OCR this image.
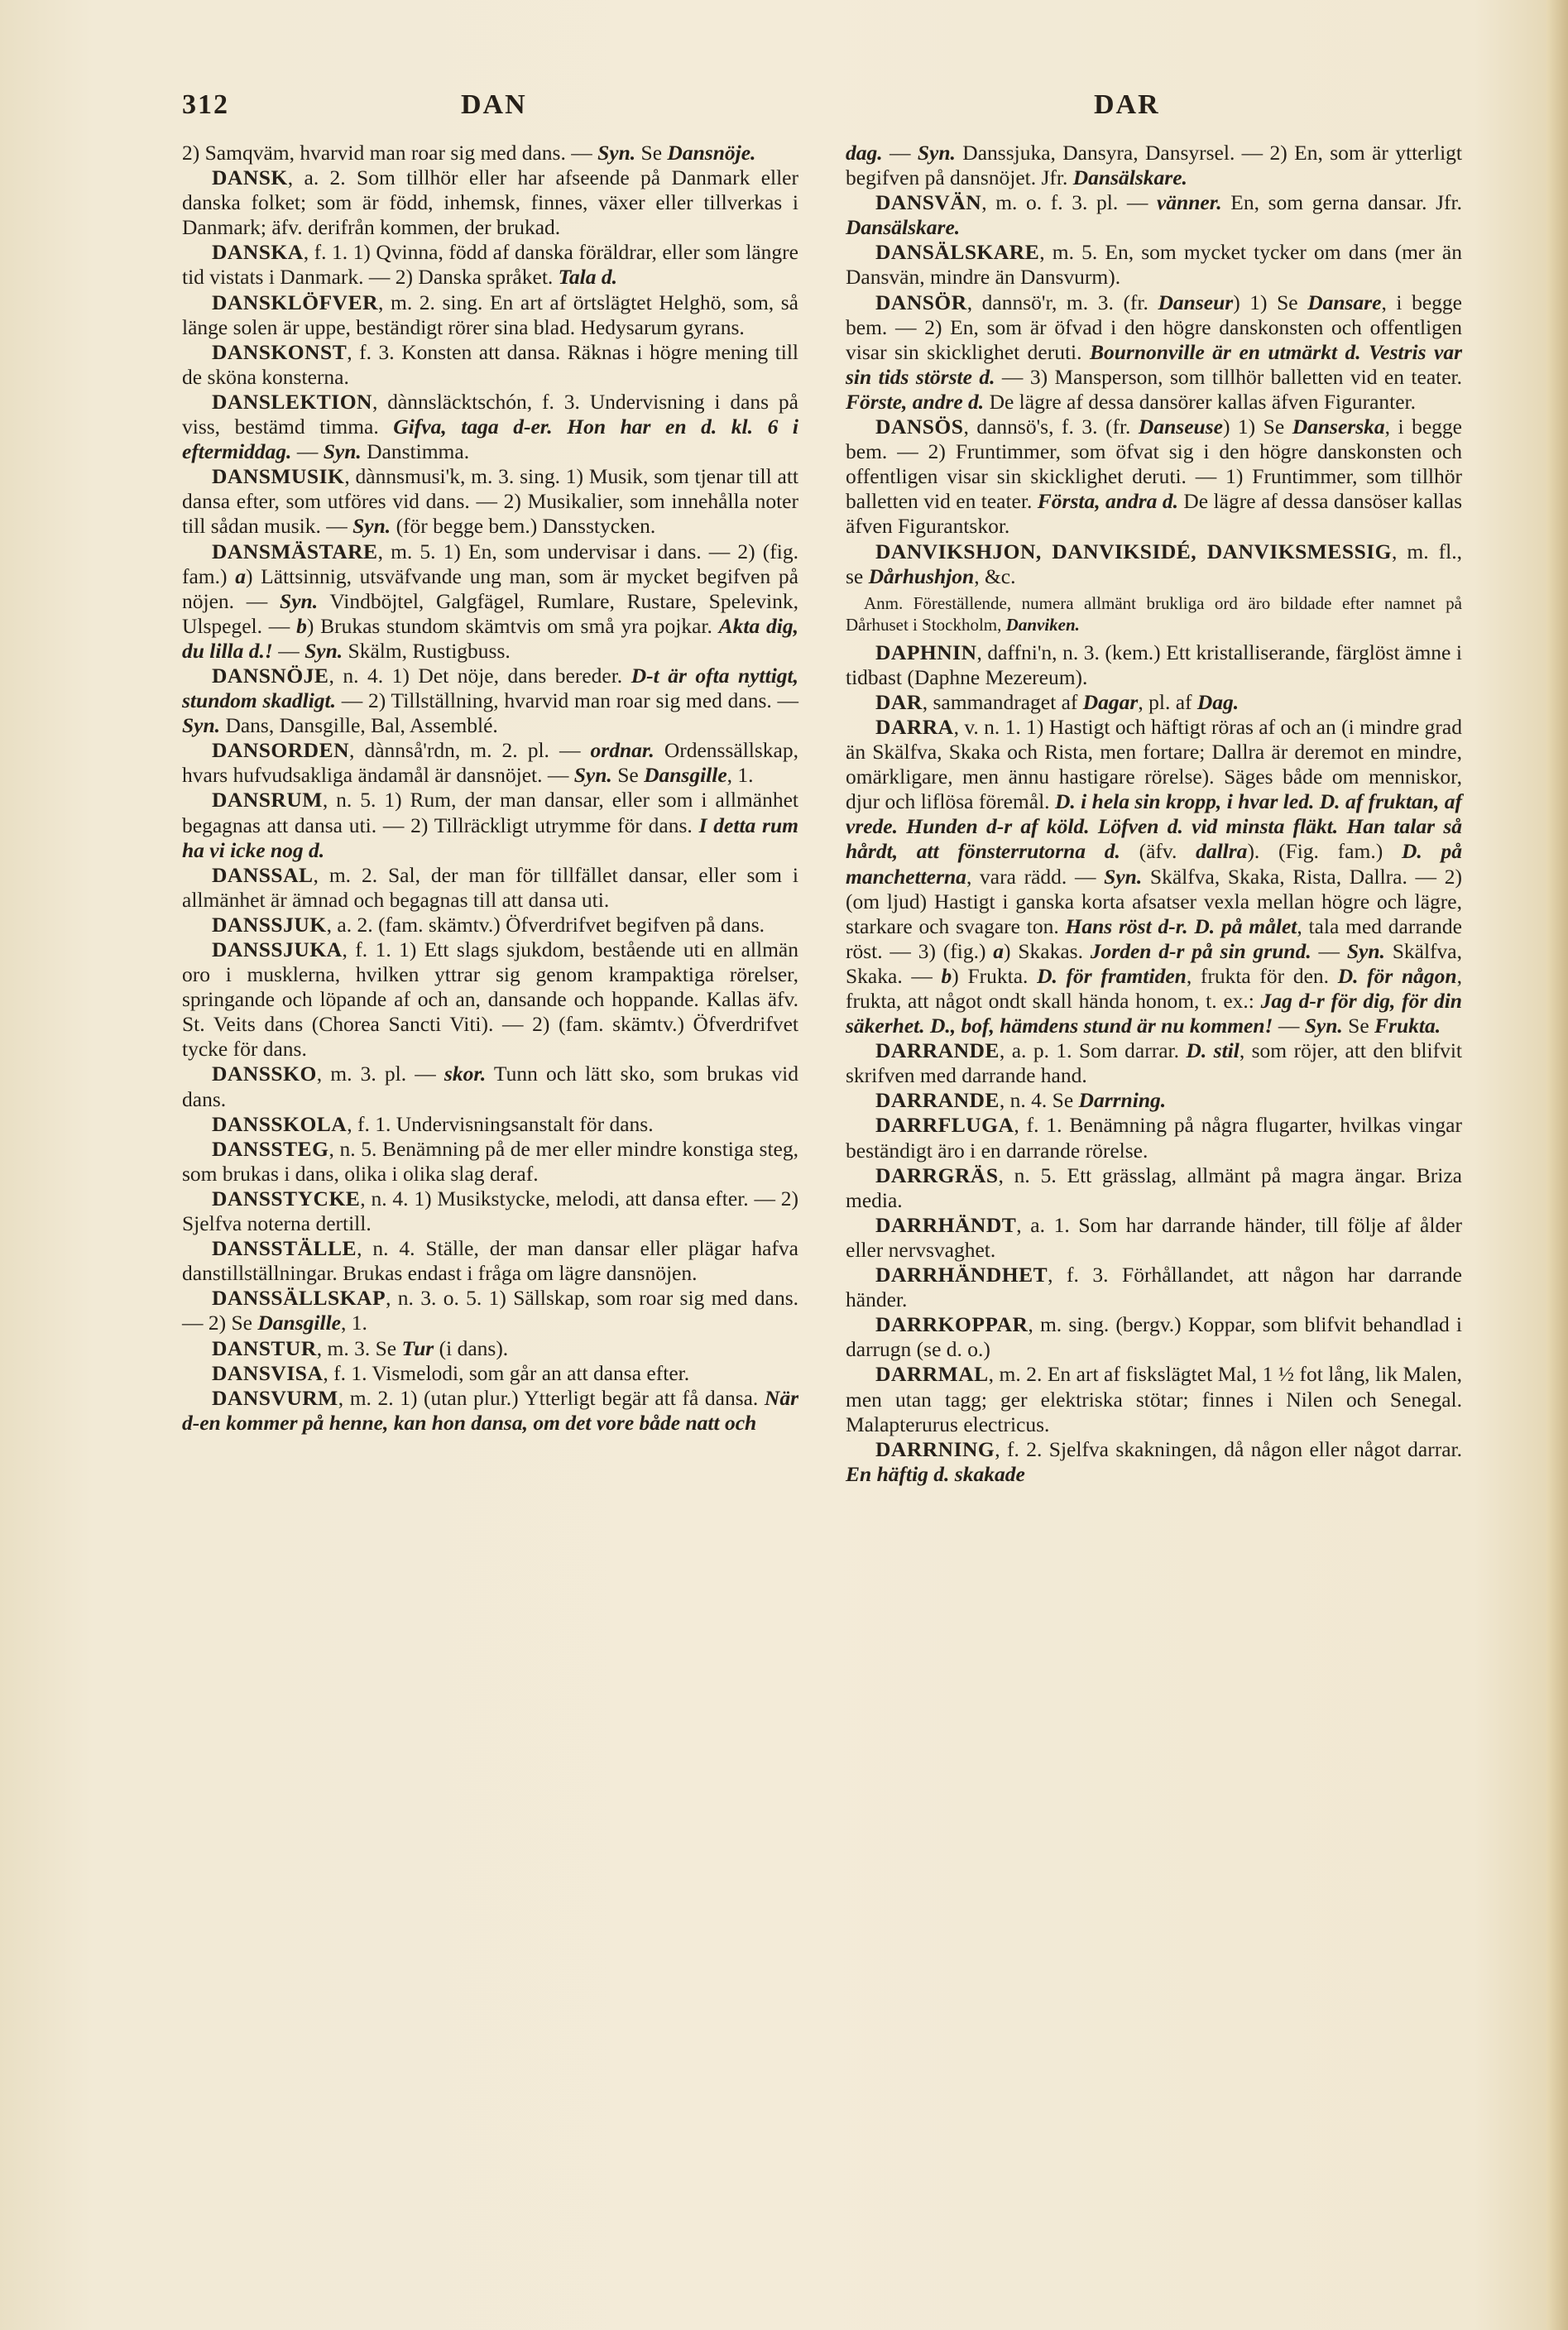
312	DAN	DAR

2) Samqväm, hvarvid man roar sig med dans. — Syn. Se Dansnöje.

DANSK, a. 2. Som tillhör eller har afseende på Danmark eller danska folket; som är född, inhemsk, finnes, växer eller tillverkas i Danmark; äfv. derifrån kommen, der brukad.

DANSKA, f. 1. 1) Qvinna, född af danska föräldrar, eller som längre tid vistats i Danmark. — 2) Danska språket. Tala d.

DANSKLÖFVER, m. 2. sing. En art af örtslägtet Helghö, som, så länge solen är uppe, beständigt rörer sina blad. Hedysarum gyrans.

DANSKONST, f. 3. Konsten att dansa. Räknas i högre mening till de sköna konsterna.

DANSLEKTION, dànnsläcktschón, f. 3. Undervisning i dans på viss, bestämd timma. Gifva, taga d-er. Hon har en d. kl. 6 i eftermiddag. — Syn. Danstimma.

DANSMUSIK, dànnsmusi'k, m. 3. sing. 1) Musik, som tjenar till att dansa efter, som utföres vid dans. — 2) Musikalier, som innehålla noter till sådan musik. — Syn. (för begge bem.) Dansstycken.

DANSMÄSTARE, m. 5. 1) En, som undervisar i dans. — 2) (fig. fam.) a) Lättsinnig, utsväfvande ung man, som är mycket begifven på nöjen. — Syn. Vindböjtel, Galgfägel, Rumlare, Rustare, Spelevink, Ulspegel. — b) Brukas stundom skämtvis om små yra pojkar. Akta dig, du lilla d.! — Syn. Skälm, Rustigbuss.

DANSNÖJE, n. 4. 1) Det nöje, dans bereder. D-t är ofta nyttigt, stundom skadligt. — 2) Tillställning, hvarvid man roar sig med dans. — Syn. Dans, Dansgille, Bal, Assemblé.

DANSORDEN, dànnså'rdn, m. 2. pl. — ordnar. Ordenssällskap, hvars hufvudsakliga ändamål är dansnöjet. — Syn. Se Dansgille, 1.

DANSRUM, n. 5. 1) Rum, der man dansar, eller som i allmänhet begagnas att dansa uti. — 2) Tillräckligt utrymme för dans. I detta rum ha vi icke nog d.

DANSSAL, m. 2. Sal, der man för tillfället dansar, eller som i allmänhet är ämnad och begagnas till att dansa uti.

DANSSJUK, a. 2. (fam. skämtv.) Öfverdrifvet begifven på dans.

DANSSJUKA, f. 1. 1) Ett slags sjukdom, bestående uti en allmän oro i musklerna, hvilken yttrar sig genom krampaktiga rörelser, springande och löpande af och an, dansande och hoppande. Kallas äfv. St. Veits dans (Chorea Sancti Viti). — 2) (fam. skämtv.) Öfverdrifvet tycke för dans.

DANSSKO, m. 3. pl. — skor. Tunn och lätt sko, som brukas vid dans.

DANSSKOLA, f. 1. Undervisningsanstalt för dans.

DANSSTEG, n. 5. Benämning på de mer eller mindre konstiga steg, som brukas i dans, olika i olika slag deraf.

DANSSTYCKE, n. 4. 1) Musikstycke, melodi, att dansa efter. — 2) Sjelfva noterna dertill.

DANSSTÄLLE, n. 4. Ställe, der man dansar eller plägar hafva danstillställningar. Brukas endast i fråga om lägre dansnöjen.

DANSSÄLLSKAP, n. 3. o. 5. 1) Sällskap, som roar sig med dans. — 2) Se Dansgille, 1.

DANSTUR, m. 3. Se Tur (i dans).

DANSVISA, f. 1. Vismelodi, som går an att dansa efter.

DANSVURM, m. 2. 1) (utan plur.) Ytterligt begär att få dansa. När d-en kommer på henne, kan hon dansa, om det vore både natt och

dag. — Syn. Danssjuka, Dansyra, Dansyrsel. — 2) En, som är ytterligt begifven på dansnöjet. Jfr. Dansälskare.

DANSVÄN, m. o. f. 3. pl. — vänner. En, som gerna dansar. Jfr. Dansälskare.

DANSÄLSKARE, m. 5. En, som mycket tycker om dans (mer än Dansvän, mindre än Dansvurm).

DANSÖR, dannsö'r, m. 3. (fr. Danseur) 1) Se Dansare, i begge bem. — 2) En, som är öfvad i den högre danskonsten och offentligen visar sin skicklighet deruti. Bournonville är en utmärkt d. Vestris var sin tids störste d. — 3) Mansperson, som tillhör balletten vid en teater. Förste, andre d. De lägre af dessa dansörer kallas äfven Figuranter.

DANSÖS, dannsö's, f. 3. (fr. Danseuse) 1) Se Danserska, i begge bem. — 2) Fruntimmer, som öfvat sig i den högre danskonsten och offentligen visar sin skicklighet deruti. — 1) Fruntimmer, som tillhör balletten vid en teater. Första, andra d. De lägre af dessa dansöser kallas äfven Figurantskor.

DANVIKSHJON, DANVIKSIDÉ, DANVIKSMESSIG, m. fl., se Dårhushjon, &c.

Anm. Föreställende, numera allmänt brukliga ord äro bildade efter namnet på Dårhuset i Stockholm, Danviken.

DAPHNIN, daffni'n, n. 3. (kem.) Ett kristalliserande, färglöst ämne i tidbast (Daphne Mezereum).

DAR, sammandraget af Dagar, pl. af Dag.

DARRA, v. n. 1. 1) Hastigt och häftigt röras af och an (i mindre grad än Skälfva, Skaka och Rista, men fortare; Dallra är deremot en mindre, omärkligare, men ännu hastigare rörelse). Säges både om menniskor, djur och liflösa föremål. D. i hela sin kropp, i hvar led. D. af fruktan, af vrede. Hunden d-r af köld. Löfven d. vid minsta fläkt. Han talar så hårdt, att fönsterrutorna d. (äfv. dallra). (Fig. fam.) D. på manchetterna, vara rädd. — Syn. Skälfva, Skaka, Rista, Dallra. — 2) (om ljud) Hastigt i ganska korta afsatser vexla mellan högre och lägre, starkare och svagare ton. Hans röst d-r. D. på målet, tala med darrande röst. — 3) (fig.) a) Skakas. Jorden d-r på sin grund. — Syn. Skälfva, Skaka. — b) Frukta. D. för framtiden, frukta för den. D. för någon, frukta, att något ondt skall hända honom, t. ex.: Jag d-r för dig, för din säkerhet. D., bof, hämdens stund är nu kommen! — Syn. Se Frukta.

DARRANDE, a. p. 1. Som darrar. D. stil, som röjer, att den blifvit skrifven med darrande hand.

DARRANDE, n. 4. Se Darrning.

DARRFLUGA, f. 1. Benämning på några flugarter, hvilkas vingar beständigt äro i en darrande rörelse.

DARRGRÄS, n. 5. Ett grässlag, allmänt på magra ängar. Briza media.

DARRHÄNDT, a. 1. Som har darrande händer, till följe af ålder eller nervsvaghet.

DARRHÄNDHET, f. 3. Förhållandet, att någon har darrande händer.

DARRKOPPAR, m. sing. (bergv.) Koppar, som blifvit behandlad i darrugn (se d. o.)

DARRMAL, m. 2. En art af fiskslägtet Mal, 1 ½ fot lång, lik Malen, men utan tagg; ger elektriska stötar; finnes i Nilen och Senegal. Malapterurus electricus.

DARRNING, f. 2. Sjelfva skakningen, då någon eller något darrar. En häftig d. skakade
